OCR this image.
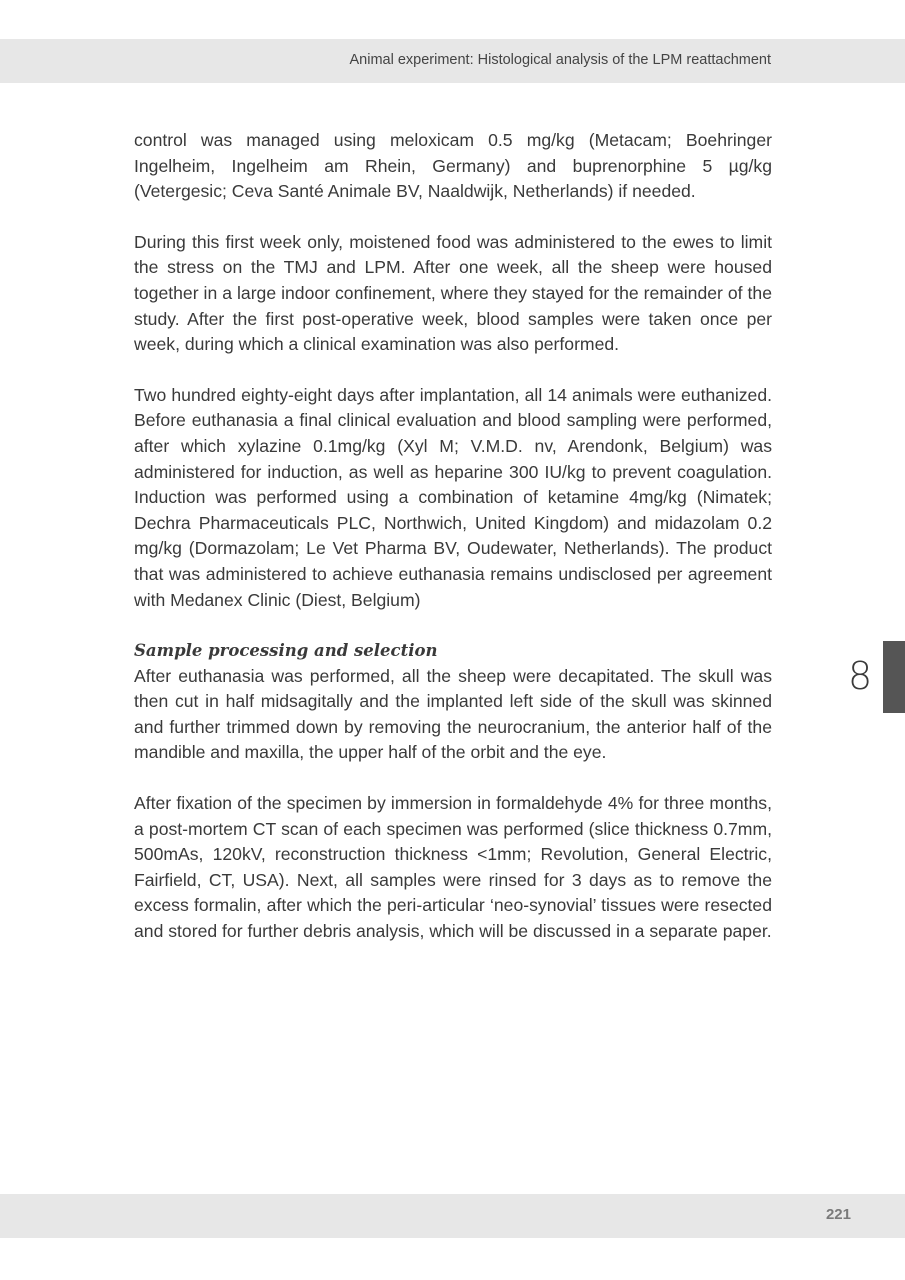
Animal experiment: Histological analysis of the LPM reattachment

control was managed using meloxicam 0.5 mg/kg (Metacam; Boehringer Ingelheim, Ingelheim am Rhein, Germany) and buprenorphine 5 µg/kg (Vetergesic; Ceva Santé Animale BV, Naaldwijk, Netherlands) if needed.

During this first week only, moistened food was administered to the ewes to limit the stress on the TMJ and LPM. After one week, all the sheep were housed together in a large indoor confinement, where they stayed for the remainder of the study. After the first post-operative week, blood samples were taken once per week, during which a clinical examination was also performed.

Two hundred eighty-eight days after implantation, all 14 animals were euthanized. Before euthanasia a final clinical evaluation and blood sampling were performed, after which xylazine 0.1mg/kg (Xyl M; V.M.D. nv, Arendonk, Belgium) was administered for induction, as well as heparine 300 IU/kg to prevent coagulation. Induction was performed using a combination of ketamine 4mg/kg (Nimatek; Dechra Pharmaceuticals PLC, Northwich, United Kingdom) and midazolam 0.2 mg/kg (Dormazolam; Le Vet Pharma BV, Oudewater, Netherlands). The product that was administered to achieve euthanasia remains undisclosed per agreement with Medanex Clinic (Diest, Belgium)

Sample processing and selection

After euthanasia was performed, all the sheep were decapitated. The skull was then cut in half midsagitally and the implanted left side of the skull was skinned and further trimmed down by removing the neurocranium, the anterior half of the mandible and maxilla, the upper half of the orbit and the eye.

After fixation of the specimen by immersion in formaldehyde 4% for three months, a post-mortem CT scan of each specimen was performed (slice thickness 0.7mm, 500mAs, 120kV, reconstruction thickness <1mm; Revolution, General Electric, Fairfield, CT, USA). Next, all samples were rinsed for 3 days as to remove the excess formalin, after which the peri-articular ‘neo-synovial’ tissues were resected and stored for further debris analysis, which will be discussed in a separate paper.

8
221
